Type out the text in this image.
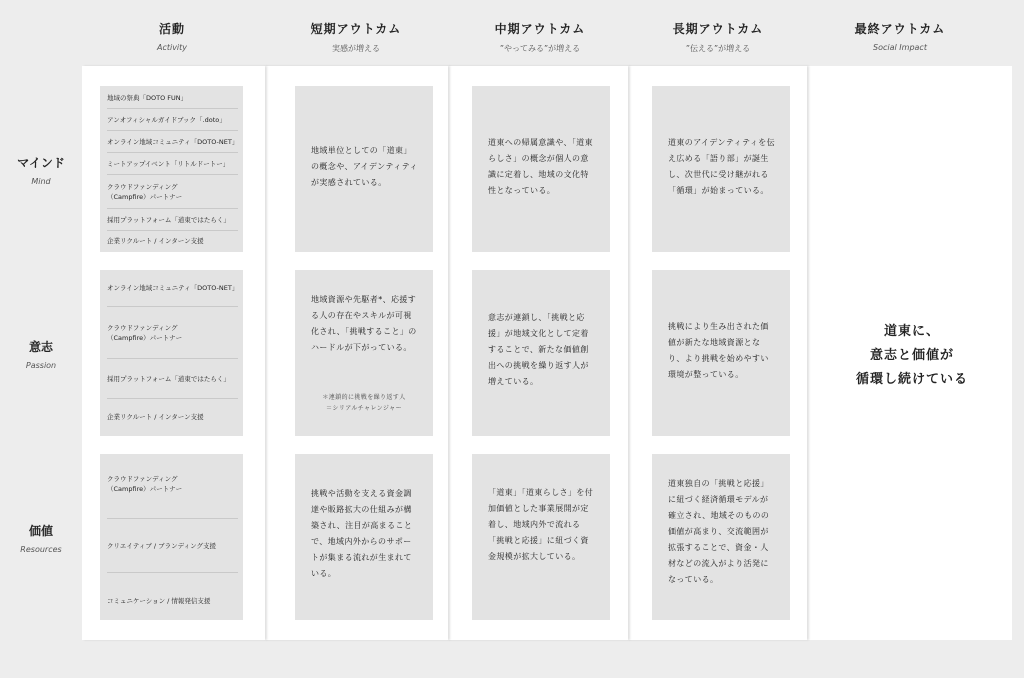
活動
Activity
短期アウトカム
実感が増える
中期アウトカム
”やってみる”が増える
長期アウトカム
”伝える”が増える
最終アウトカム
Social Impact
マインド
Mind
意志
Passion
価値
Resources
地域の祭典「DOTO FUN」
アンオフィシャルガイドブック「.doto」
オンライン地域コミュニティ「DOTO-NET」
ミートアップイベント「リトルドートー」
クラウドファンディング
（Campfire）パートナー
採用プラットフォーム「道東ではたらく」
企業リクルート / インターン支援
オンライン地域コミュニティ「DOTO-NET」
クラウドファンディング
（Campfire）パートナー
採用プラットフォーム「道東ではたらく」
企業リクルート / インターン支援
クラウドファンディング
（Campfire）パートナー
クリエイティブ / ブランディング支援
コミュニケーション / 情報発信支援
地域単位としての「道東」の概念や、アイデンティティが実感されている。
地域資源や先駆者*、応援する人の存在やスキルが可視化され、「挑戦すること」のハードルが下がっている。
＊連鎖的に挑戦を繰り返す人
＝シリアルチャレンジャー
挑戦や活動を支える資金調達や販路拡大の仕組みが構築され、注目が高まることで、地域内外からのサポートが集まる流れが生まれている。
道東への帰属意識や、「道東らしさ」の概念が個人の意識に定着し、地域の文化特性となっている。
意志が連鎖し、「挑戦と応援」が地域文化として定着することで、新たな価値創出への挑戦を繰り返す人が増えている。
「道東」「道東らしさ」を付加価値とした事業展開が定着し、地域内外で流れる「挑戦と応援」に紐づく資金規模が拡大している。
道東のアイデンティティを伝え広める「語り部」が誕生し、次世代に受け継がれる「循環」が始まっている。
挑戦により生み出された価値が新たな地域資源となり、より挑戦を始めやすい環境が整っている。
道東独自の「挑戦と応援」に紐づく経済循環モデルが確立され、地域そのものの価値が高まり、交流範囲が拡張することで、資金・人材などの流入がより活発になっている。
道東に、
意志と価値が
循環し続けている
